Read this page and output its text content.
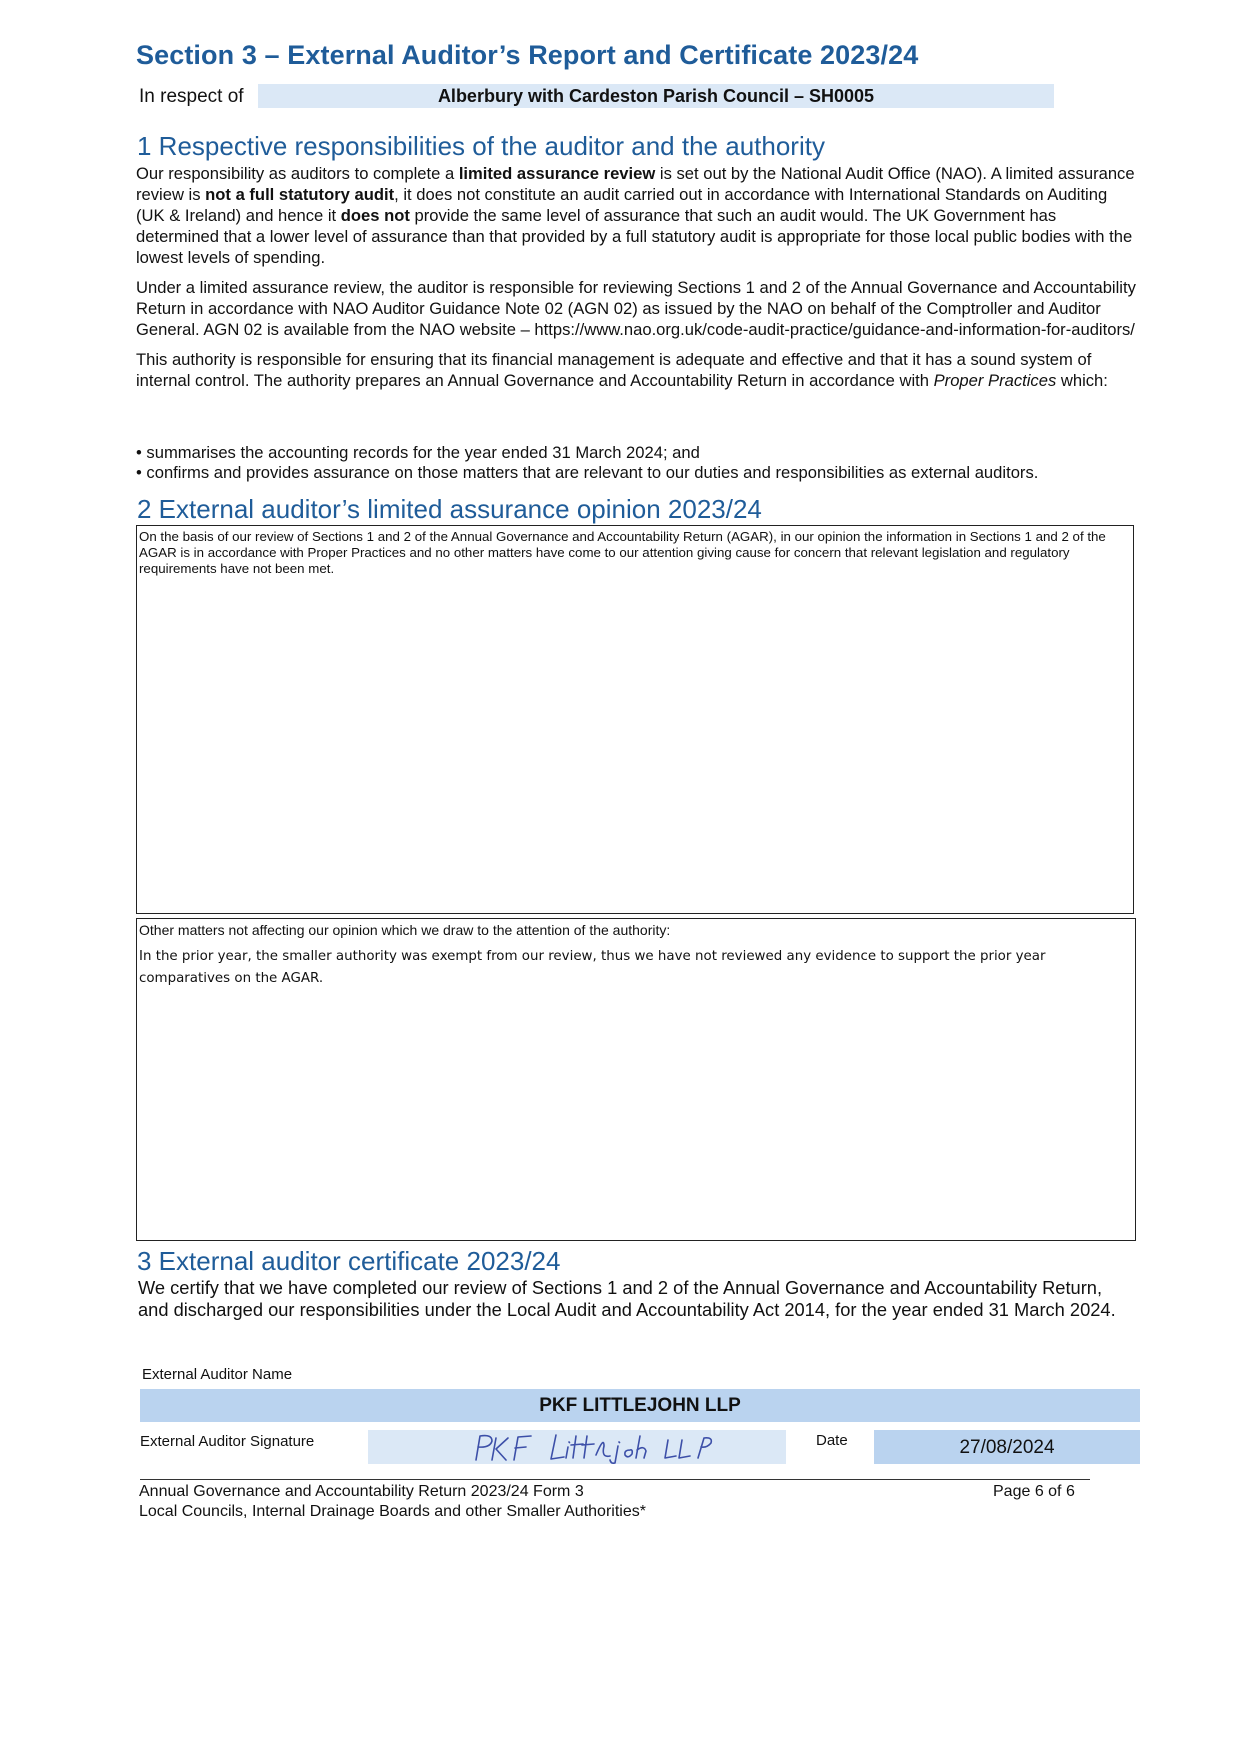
Section 3 – External Auditor’s Report and Certificate 2023/24
In respect of	Alberbury with Cardeston Parish Council – SH0005
1 Respective responsibilities of the auditor and the authority

Our responsibility as auditors to complete a limited assurance review is set out by the National Audit Office (NAO). A limited assurance review is not a full statutory audit, it does not constitute an audit carried out in accordance with International Standards on Auditing (UK & Ireland) and hence it does not provide the same level of assurance that such an audit would. The UK Government has determined that a lower level of assurance than that provided by a full statutory audit is appropriate for those local public bodies with the lowest levels of spending.

Under a limited assurance review, the auditor is responsible for reviewing Sections 1 and 2 of the Annual Governance and Accountability Return in accordance with NAO Auditor Guidance Note 02 (AGN 02) as issued by the NAO on behalf of the Comptroller and Auditor General. AGN 02 is available from the NAO website – https://www.nao.org.uk/code-audit-practice/guidance-and-information-for-auditors/

This authority is responsible for ensuring that its financial management is adequate and effective and that it has a sound system of internal control. The authority prepares an Annual Governance and Accountability Return in accordance with Proper Practices which:

• summarises the accounting records for the year ended 31 March 2024; and
• confirms and provides assurance on those matters that are relevant to our duties and responsibilities as external auditors.
2 External auditor’s limited assurance opinion 2023/24
On the basis of our review of Sections 1 and 2 of the Annual Governance and Accountability Return (AGAR), in our opinion the information in Sections 1 and 2 of the AGAR is in accordance with Proper Practices and no other matters have come to our attention giving cause for concern that relevant legislation and regulatory requirements have not been met.
Other matters not affecting our opinion which we draw to the attention of the authority:
In the prior year, the smaller authority was exempt from our review, thus we have not reviewed any evidence to support the prior year comparatives on the AGAR.
3 External auditor certificate 2023/24
We certify that we have completed our review of Sections 1 and 2 of the Annual Governance and Accountability Return, and discharged our responsibilities under the Local Audit and Accountability Act 2014, for the year ended 31 March 2024.
External Auditor Name
PKF LITTLEJOHN LLP
External Auditor Signature	Date	27/08/2024
Annual Governance and Accountability Return 2023/24 Form 3
Local Councils, Internal Drainage Boards and other Smaller Authorities*
Page 6 of 6
